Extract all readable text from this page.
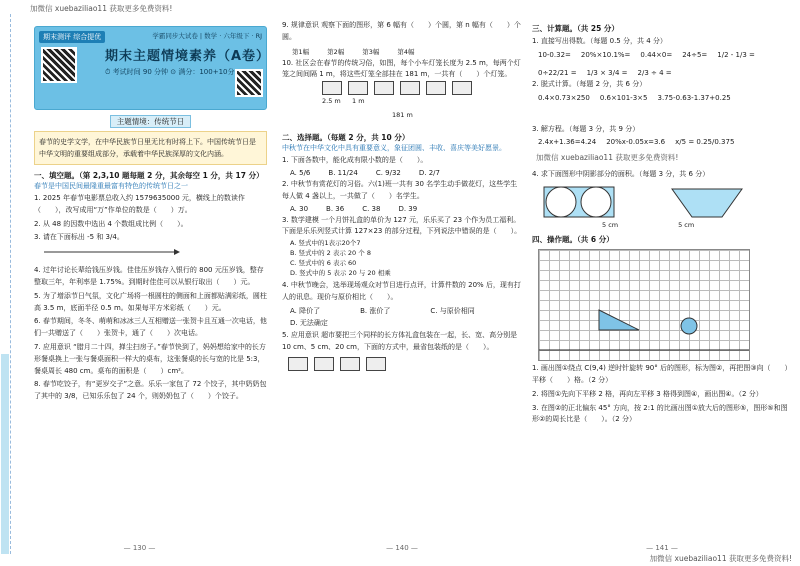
加微信 xuebaziliao11 获取更多免费资料!
期末测评 综合提优	学霸同步大试卷 | 数学 · 六年级下 · RJ
期末主题情境素养（A卷）
⏱ 考试时间 90 分钟 ⊙ 满分：100+10分
主题情境：传统节日
春节的史学文学，在中华民族节日里无比有时将上下。中国传统节日是中华文明的重要组成部分，承载着中华民族深厚的文化内涵。
一、填空题。（第 2,3,10 题每题 2 分，其余每空 1 分，共 17 分）
春节是中国民间最隆重最富有特色的传统节日之一
1. 2025 年春节电影票总收入约 1579635000 元，横线上的数读作（　　），改写成用“万”作单位的数是（　　）万。
2. 从 48 的因数中选出 4 个数组成比例（　　）。
3. 请在下面标出 -5 和 3/4。
4. 过年讨论长辈给钱压岁钱。佳佳压岁钱存入银行的 800 元压岁钱，整存整取三年，年利率是 1.75%。到期时佳佳可以从银行取出（　　）元。
5. 为了增添节日气氛，文化广场将一根圆柱的侧面和上面都贴满彩纸，圆柱高 3.5 m，底面半径 0.5 m。如果每平方米彩纸（　　）元。
6. 春节期间，冬冬、萌萌和冰冰三人互相赠送一张贺卡且互通一次电话，他们一共赠送了（　　）张贺卡，通了（　　）次电话。
7. 应用意识 “腊月二十四，掸尘扫房子。”春节快到了，妈妈想给家中的长方形餐桌换上一张与餐桌面积一样大的桌布，这张餐桌的长与宽的比是 5:3，餐桌周长 480 cm。桌布的面积是（　　）cm²。
8. 春节吃饺子，有“更岁交子”之意。乐乐一家包了 72 个饺子，其中奶奶包了其中的 3/8，已知乐乐包了 24 个，则奶奶包了（　　）个饺子。
— 130 —
9. 规律意识 观察下面的图形，第 6 幅有（　　）个圆，第 n 幅有（　　）个圆。
第1幅	第2幅	第3幅	第4幅
10. 社区会在春节的传统习俗，如图，每个小车灯笼长度为 2.5 m，每两个灯笼之间间隔 1 m，将这些灯笼全部挂在 181 m，一共有（　　）个灯笼。
2.5 m 1 m
181 m
二、选择题。（每题 2 分，共 10 分）
中秋节在中华文化中具有重要意义，象征团圆、丰收、喜庆等美好愿景。
1. 下面各数中，能化成有限小数的是（　　）。
A. 5/6	B. 11/24	C. 9/32	D. 2/7
2. 中秋节有赏花灯的习俗。六(1)班一共有 30 名学生动手做花灯，这些学生每人做 4 盏以上，一共做了（　　）名学生。
A. 30	B. 36	C. 38	D. 39
3. 数学建模 一个月饼礼盒的单价为 127 元，乐乐买了 23 个作为员工福利。下面是乐乐列竖式计算 127×23 的部分过程，下列说法中错误的是（　　）。
A. 竖式中的1表示20个7
B. 竖式中的 2 表示 20 个 8
C. 竖式中的 6 表示 60
D. 竖式中的 5 表示 20 与 20 相乘
4. 中秋节晚会，选举现场观众对节目进行点评，计算件数的 20% 后，现有打人的讯息。现价与原价相比（　　）。
A. 降价了	B. 涨价了	C. 与原价相同
D. 无法确定
5. 应用意识 超市要把三个同样的长方体礼盒包装在一起，长、宽、高分别是 10 cm、5 cm、20 cm，下面的方式中，最省包装纸的是（　　）。
— 140 —
三、计算题。（共 25 分）
1. 直接写出得数。（每题 0.5 分，共 4 分）
10-0.32= 20%×10.1%= 0.44×0= 24÷5= 1/2 - 1/3 =
0÷22/21 = 1/3 × 3/4 = 2/3 ÷ 4 =
2. 脱式计算。（每题 2 分，共 6 分）
0.4×0.73×250 0.6×101-3×5 3.75-0.63-1.37+0.25
3. 解方程。（每题 3 分，共 9 分）
2.4x+1.36=4.24 20%x-0.05x=3.6 x/5 = 0.25/0.375
加微信 xuebaziliao11 获取更多免费资料!
4. 求下面图形中阴影部分的面积。（每题 3 分，共 6 分）
5 cm	5 cm
四、操作题。（共 6 分）
1. 画出图①绕点 C(9,4) 逆时针旋转 90° 后的图形，标为图②，再把图③向（　　）平移（　　）格。（2 分）
2. 将图①先向下平移 2 格，再向左平移 3 格得到图④，画出图④。（2 分）
3. 在图②的正北偏东 45° 方向，按 2:1 的比画出图①放大后的图形⑤，图形⑤和图形②的周长比是（　　）。（2 分）
— 141 —
加微信 xuebaziliao11 获取更多免费资料!
